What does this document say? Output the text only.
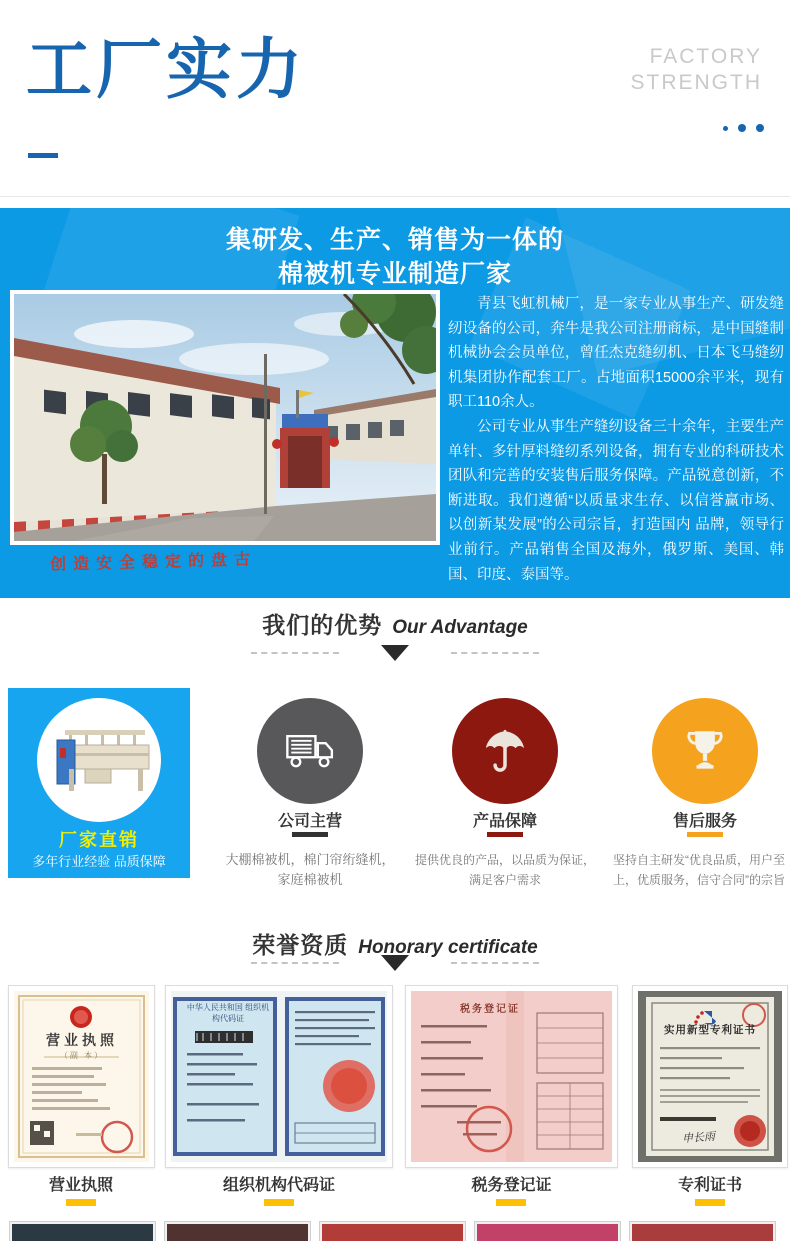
工厂实力	FACTORY
STRENGTH
集研发、生产、销售为一体的
棉被机专业制造厂家
创造安全稳定的盘古

青县飞虹机械厂，是一家专业从事生产、研发缝纫设备的公司，奔牛是我公司注册商标，是中国缝制机械协会会员单位，曾任杰克缝纫机、日本飞马缝纫机集团协作配套工厂。占地面积15000余平米，现有职工110余人。

公司专业从事生产缝纫设备三十余年，主要生产单针、多针厚料缝纫系列设备，拥有专业的科研技术团队和完善的安装售后服务保障。产品锐意创新，不断进取。我们遵循“以质量求生存、以信誉赢市场、以创新某发展”的公司宗旨，打造国内 品牌，领导行业前行。产品销售全国及海外，俄罗斯、美国、韩国、印度、泰国等。

我们的优势 Our Advantage
厂家直销
多年行业经验 品质保障
公司主营	产品保障	售后服务
大棚棉被机，棉门帘绗缝机，家庭棉被机
提供优良的产品，以品质为保证，满足客户需求
坚持自主研发“优良品质，用户至上，优质服务，信守合同”的宗旨
荣誉资质 Honorary certificate
营业执照
（副 本）
中华人民共和国 组织机构代码证
税务登记证
实用新型专利证书
申长雨
营业执照	组织机构代码证	税务登记证	专利证书
